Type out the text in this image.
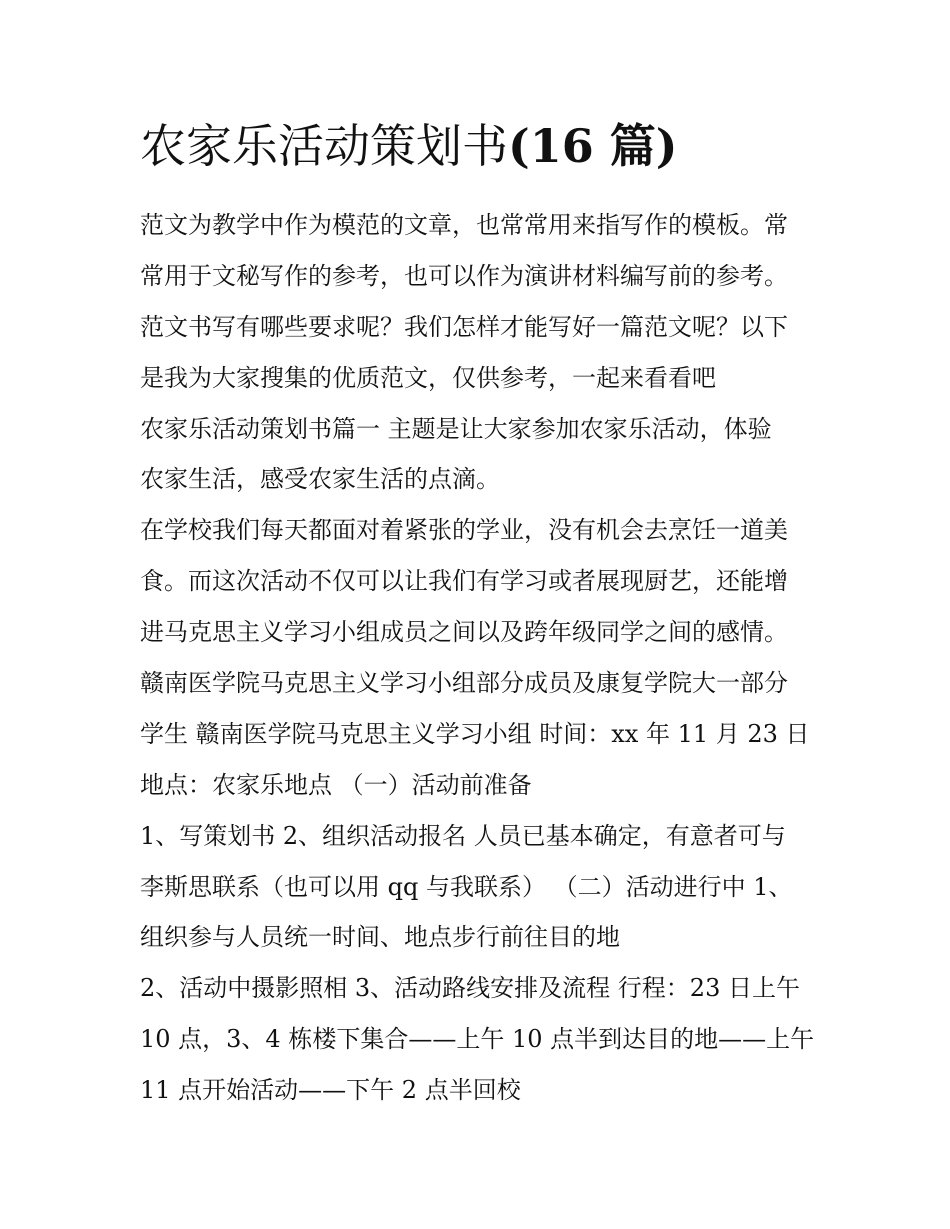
农家乐活动策划书(16 篇)
范文为教学中作为模范的文章，也常常用来指写作的模板。常
常用于文秘写作的参考，也可以作为演讲材料编写前的参考。
范文书写有哪些要求呢？我们怎样才能写好一篇范文呢？以下
是我为大家搜集的优质范文，仅供参考，一起来看看吧
农家乐活动策划书篇一 主题是让大家参加农家乐活动，体验
农家生活，感受农家生活的点滴。
在学校我们每天都面对着紧张的学业，没有机会去烹饪一道美
食。而这次活动不仅可以让我们有学习或者展现厨艺，还能增
进马克思主义学习小组成员之间以及跨年级同学之间的感情。
赣南医学院马克思主义学习小组部分成员及康复学院大一部分
学生 赣南医学院马克思主义学习小组 时间：xx 年 11 月 23 日
地点：农家乐地点 （一）活动前准备
1、写策划书 2、组织活动报名 人员已基本确定，有意者可与
李斯思联系（也可以用 qq 与我联系） （二）活动进行中 1、
组织参与人员统一时间、地点步行前往目的地
2、活动中摄影照相 3、活动路线安排及流程 行程：23 日上午
10 点，3、4 栋楼下集合——上午 10 点半到达目的地——上午
11 点开始活动——下午 2 点半回校
